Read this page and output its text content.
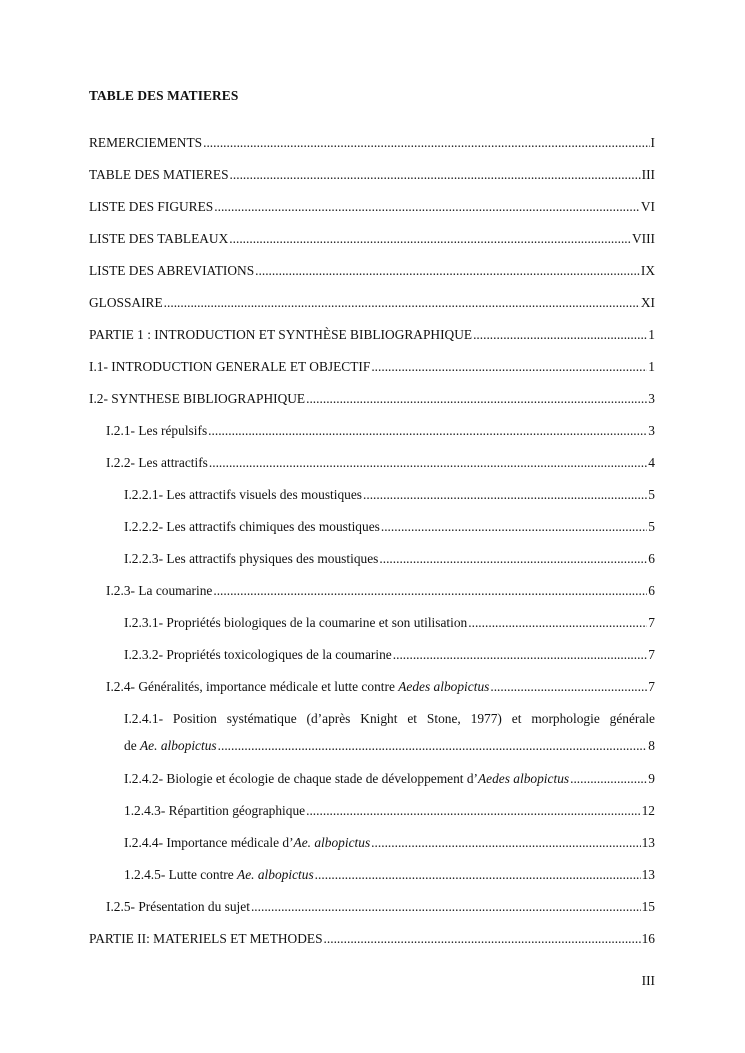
TABLE DES MATIERES
REMERCIEMENTS .....	I
TABLE DES MATIERES .....	III
LISTE DES FIGURES .....	VI
LISTE DES TABLEAUX .....	VIII
LISTE DES ABREVIATIONS .....	IX
GLOSSAIRE .....	XI
PARTIE 1 : INTRODUCTION ET SYNTHÈSE BIBLIOGRAPHIQUE .....	1
I.1- INTRODUCTION GENERALE ET OBJECTIF .....	1
I.2- SYNTHESE BIBLIOGRAPHIQUE .....	3
I.2.1- Les répulsifs .....	3
I.2.2- Les attractifs .....	4
I.2.2.1- Les attractifs visuels des moustiques .....	5
I.2.2.2- Les attractifs chimiques des moustiques .....	5
I.2.2.3- Les attractifs physiques des moustiques .....	6
I.2.3- La coumarine .....	6
I.2.3.1- Propriétés biologiques de la coumarine et son utilisation .....	7
I.2.3.2- Propriétés toxicologiques de la coumarine .....	7
I.2.4- Généralités, importance médicale et lutte contre Aedes albopictus .....	7
I.2.4.1- Position systématique (d’après Knight et Stone, 1977) et morphologie générale
de Ae. albopictus .....	8
I.2.4.2- Biologie et écologie de chaque stade de développement d’Aedes albopictus .....	9
1.2.4.3- Répartition géographique .....	12
I.2.4.4- Importance médicale d’Ae. albopictus .....	13
1.2.4.5- Lutte contre Ae. albopictus .....	13
I.2.5- Présentation du sujet .....	15
PARTIE II: MATERIELS ET METHODES .....	16
III
